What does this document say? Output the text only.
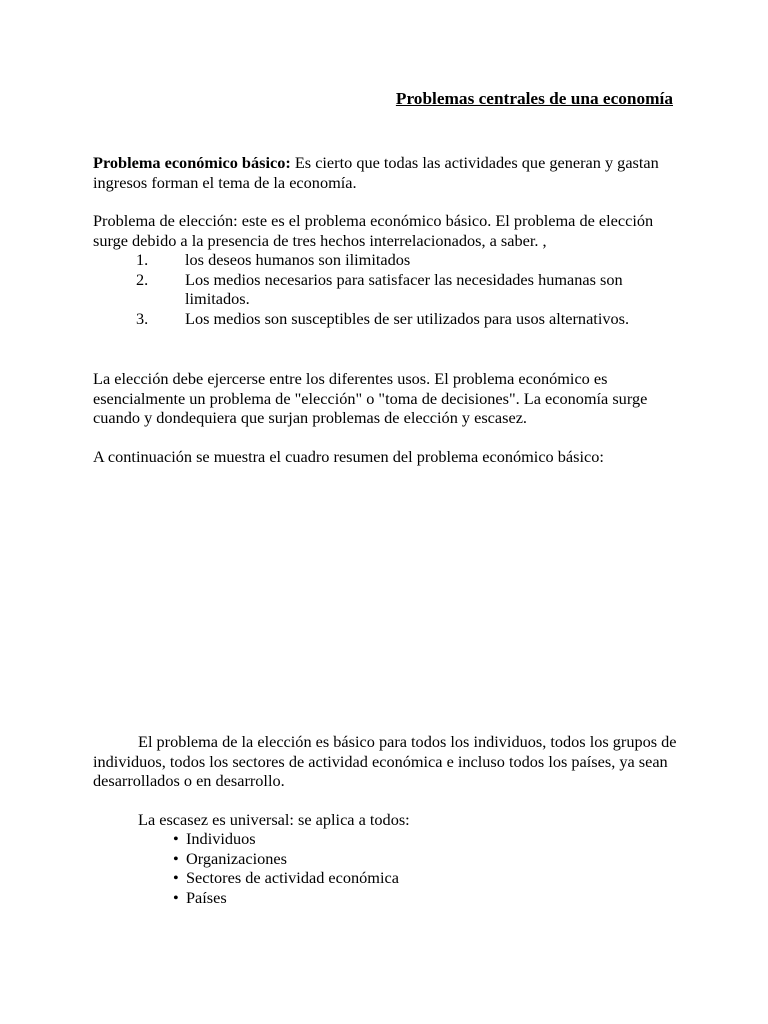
Problemas centrales de una economía

Problema económico básico: Es cierto que todas las actividades que generan y gastan ingresos forman el tema de la economía.

Problema de elección: este es el problema económico básico. El problema de elección surge debido a la presencia de tres hechos interrelacionados, a saber. ,

1. los deseos humanos son ilimitados
2. Los medios necesarios para satisfacer las necesidades humanas son limitados.
3. Los medios son susceptibles de ser utilizados para usos alternativos.

La elección debe ejercerse entre los diferentes usos. El problema económico es esencialmente un problema de "elección" o "toma de decisiones". La economía surge cuando y dondequiera que surjan problemas de elección y escasez.

A continuación se muestra el cuadro resumen del problema económico básico:

El problema de la elección es básico para todos los individuos, todos los grupos de individuos, todos los sectores de actividad económica e incluso todos los países, ya sean desarrollados o en desarrollo.

La escasez es universal: se aplica a todos:

• Individuos
• Organizaciones
• Sectores de actividad económica
• Países
